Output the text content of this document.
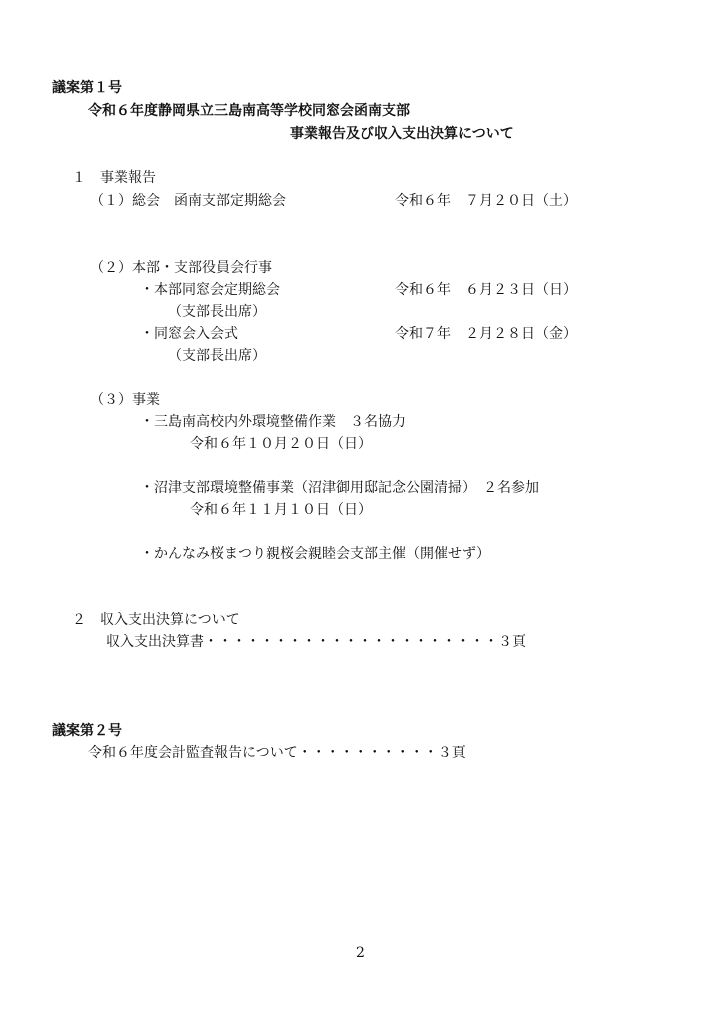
議案第１号

令和６年度静岡県立三島南高等学校同窓会函南支部

事業報告及び収入支出決算について

１　事業報告

（１）総会　函南支部定期総会	令和６年　７月２０日（土）

（２）本部・支部役員会行事

・本部同窓会定期総会	令和６年　６月２３日（日）

（支部長出席）

・同窓会入会式	令和７年　２月２８日（金）

（支部長出席）

（３）事業

・三島南高校内外環境整備作業　３名協力

令和６年１０月２０日（日）

・沼津支部環境整備事業（沼津御用邸記念公園清掃）　２名参加

令和６年１１月１０日（日）

・かんなみ桜まつり親桜会親睦会支部主催（開催せず）

２　収入支出決算について

収入支出決算書・・・・・・・・・・・・・・・・・・・・・３頁

議案第２号

令和６年度会計監査報告について・・・・・・・・・・３頁

2
